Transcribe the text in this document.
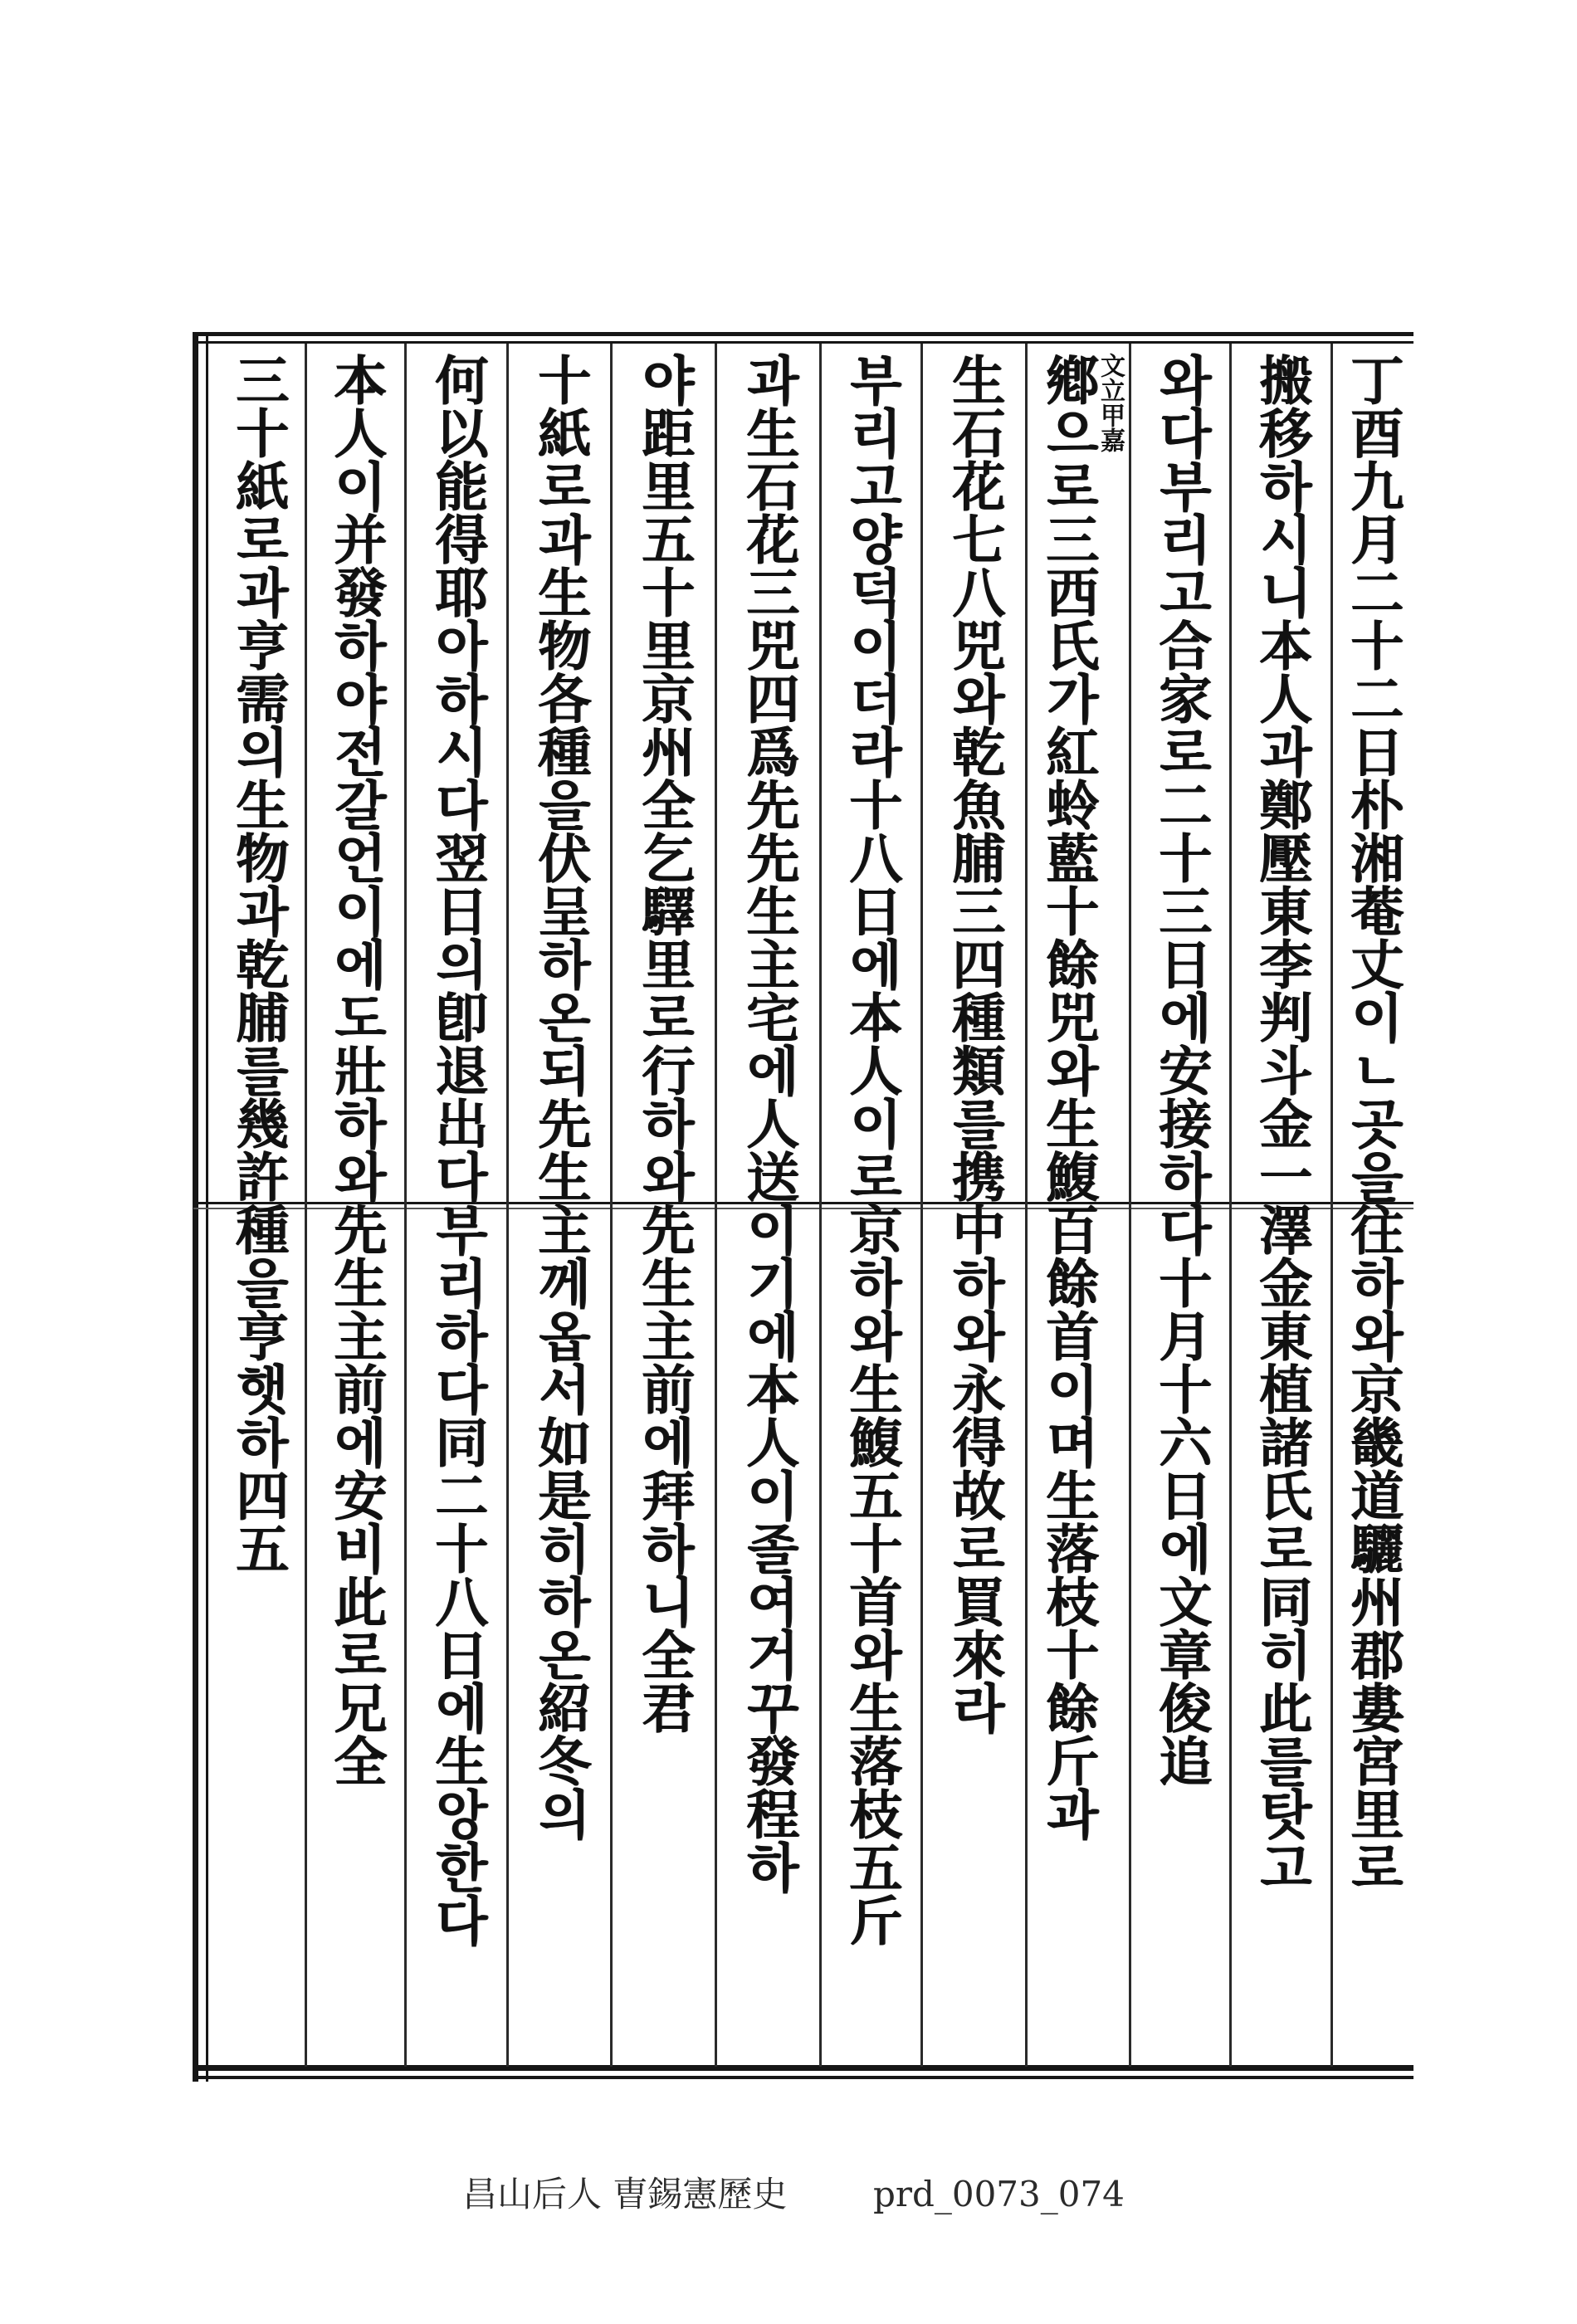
丁酉九月二十二日朴湘菴丈이ㄴ곳을往하와京畿道驪州郡婁宮里로
搬移하시니本人과鄭壓東李判斗金一澤金東植諸氏로同히此를탓고
와다부리고合家로二十三日에安接하다十月十六日에文章俊追
鄕으로三西氏가紅蛉藍十餘兕와生鰒百餘首이며生落枝十餘斤과
文立甲嘉
生石花七八兕와乾魚脯三四種類를携中하와永得故로買來라
부리고양덕이더라十八日에本人이로京하와生鰒五十首와生落枝五斤
과生石花三兕四爲先先生主宅에人送이기에本人이졸여거꾸發程하
야距里五十里京州全乞驛里로行하와先生主前에拜하니全君
十紙로과生物各種을伏呈하온되先生主께옵서如是히하온紹冬의
何以能得耶아하시다翌日의卽退出다부리하다同二十八日에生앙한다
本人이并發하야전갈언이에도壯하와先生主前에安비此로兄全
三十紙로과亨需의生物과乾脯를幾許種을亨햇하四五
昌山后人 曺錫憲歷史 prd_0073_074
